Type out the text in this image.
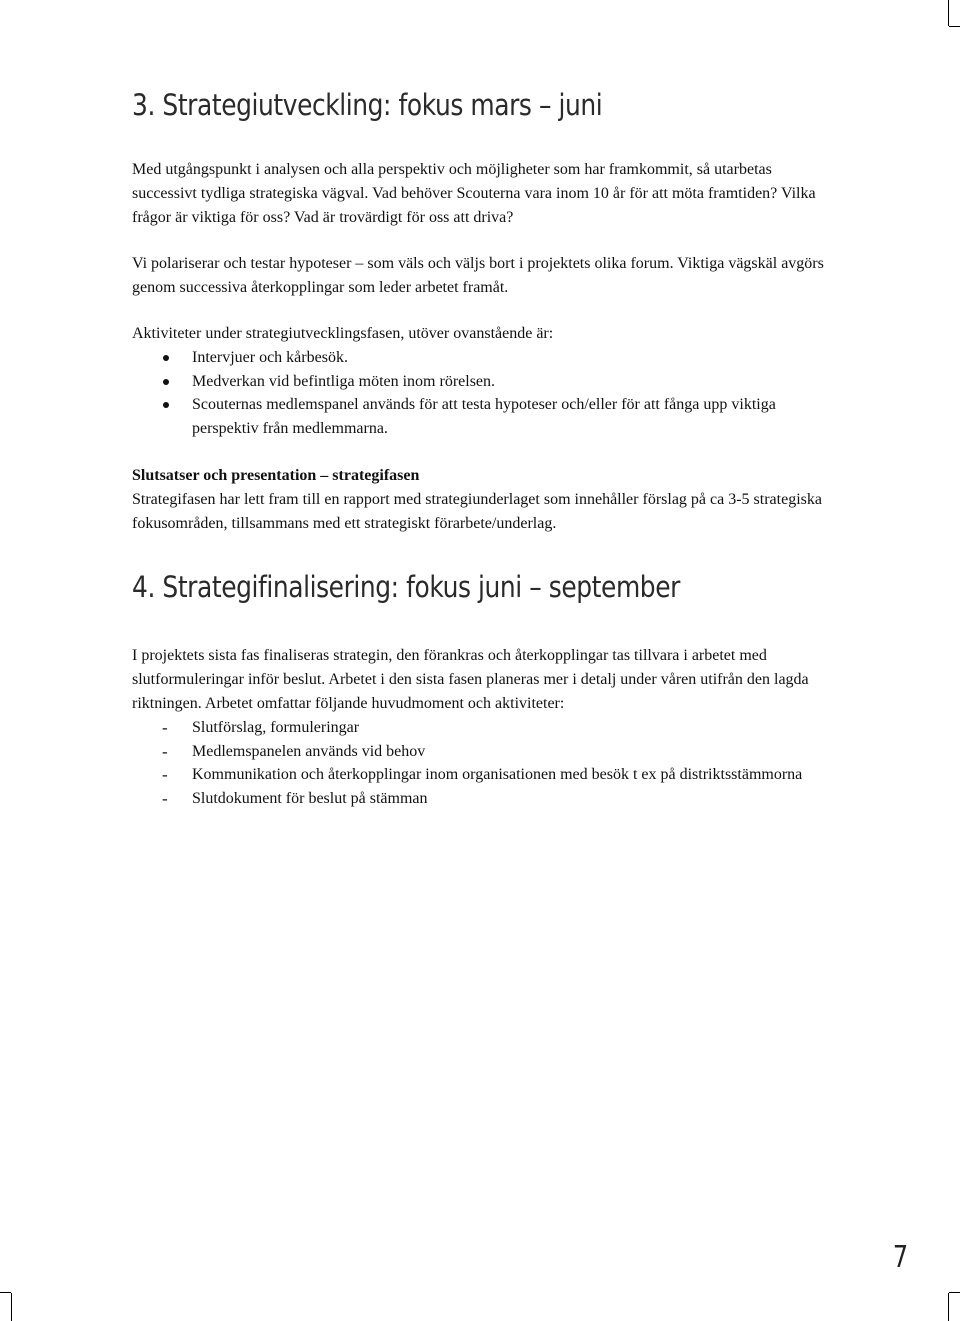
3. Strategiutveckling: fokus mars – juni

Med utgångspunkt i analysen och alla perspektiv och möjligheter som har framkommit, så utarbetas successivt tydliga strategiska vägval. Vad behöver Scouterna vara inom 10 år för att möta framtiden? Vilka frågor är viktiga för oss? Vad är trovärdigt för oss att driva?

Vi polariserar och testar hypoteser – som väls och väljs bort i projektets olika forum. Viktiga vägskäl avgörs genom successiva återkopplingar som leder arbetet framåt.

Aktiviteter under strategiutvecklingsfasen, utöver ovanstående är:

Intervjuer och kårbesök.
Medverkan vid befintliga möten inom rörelsen.
Scouternas medlemspanel används för att testa hypoteser och/eller för att fånga upp viktiga perspektiv från medlemmarna.
Slutsatser och presentation – strategifasen

Strategifasen har lett fram till en rapport med strategiunderlaget som innehåller förslag på ca 3-5 strategiska fokusområden, tillsammans med ett strategiskt förarbete/underlag.

4. Strategifinalisering: fokus juni – september

I projektets sista fas finaliseras strategin, den förankras och återkopplingar tas tillvara i arbetet med slutformuleringar inför beslut. Arbetet i den sista fasen planeras mer i detalj under våren utifrån den lagda riktningen. Arbetet omfattar följande huvudmoment och aktiviteter:

- Slutförslag, formuleringar
- Medlemspanelen används vid behov
- Kommunikation och återkopplingar inom organisationen med besök t ex på distriktsstämmorna
- Slutdokument för beslut på stämman
7
